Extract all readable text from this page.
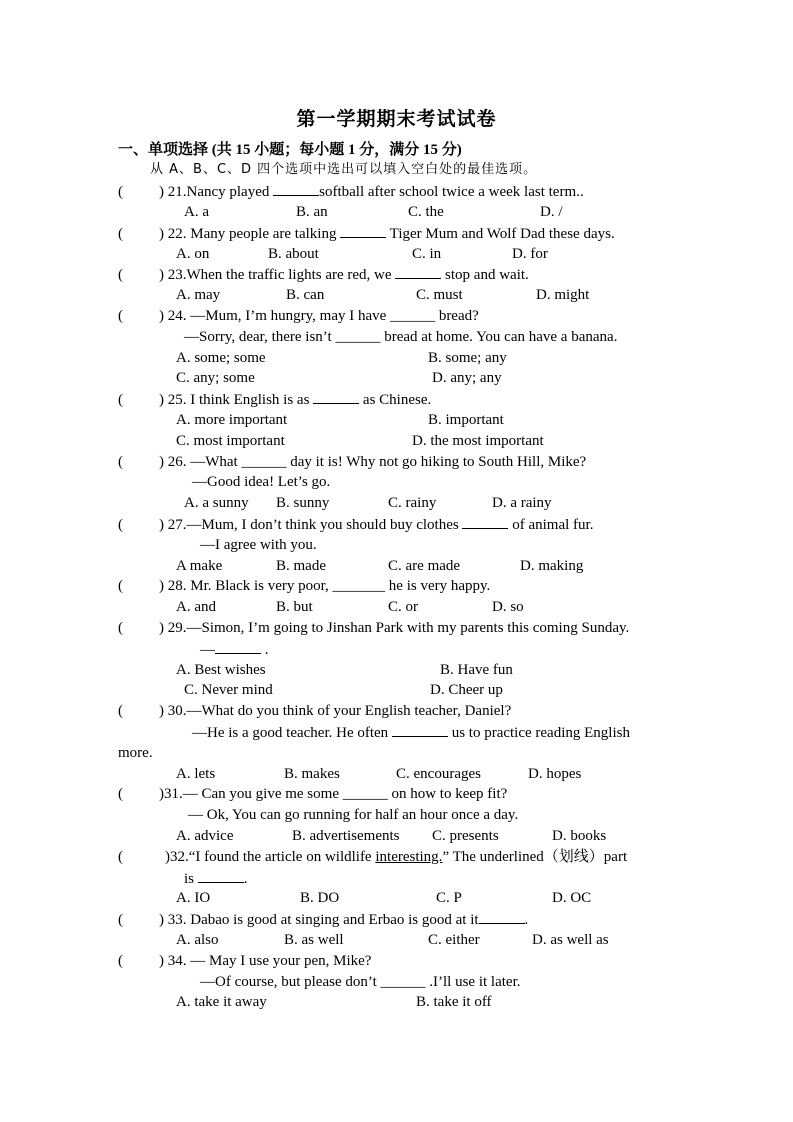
第一学期期末考试试卷
一、单项选择 (共 15 小题；每小题 1 分，满分 15 分)
从 A、B、C、D 四个选项中选出可以填入空白处的最佳选项。
( ) 21.Nancy played	softball after school twice a week last term..
A. a	B. an	C. the	D. /
( ) 22. Many people are talking	Tiger Mum and Wolf Dad these days.
A. on	B. about	C. in	D. for
( ) 23.When the traffic lights are red, we	stop and wait.
A. may	B. can	C. must	D. might
( ) 24. —Mum, I’m hungry, may I have ______ bread?
—Sorry, dear, there isn’t ______ bread at home. You can have a banana.
A. some; some	B. some; any
C. any; some	D. any; any
( ) 25. I think English is as	as Chinese.
A. more important	B. important
C. most important	D. the most important
( ) 26. —What ______ day it is! Why not go hiking to South Hill, Mike?
—Good idea! Let’s go.
A. a sunny B. sunny	C. rainy	D. a rainy
( ) 27.—Mum, I don’t think you should buy clothes	of animal fur.
—I agree with you.
A make	B. made	C. are made	D. making
( ) 28. Mr. Black is very poor, _______ he is very happy.
A. and	B. but	C. or	D. so
( ) 29.—Simon, I’m going to Jinshan Park with my parents this coming Sunday.
—	.
A. Best wishes	B. Have fun
C. Never mind	D. Cheer up
( ) 30.—What do you think of your English teacher, Daniel?
—He is a good teacher. He often	us to practice reading English
more.
A. lets	B. makes	C. encourages	D. hopes
( )31.— Can you give me some ______ on how to keep fit?
— Ok, You can go running for half an hour once a day.
A. advice	B. advertisements C. presents	D. books
(	)32.“I found the article on wildlife interesting.” The underlined（划线）part
is	.
A. IO	B. DO	C. P	D. OC
( ) 33. Dabao is good at singing and Erbao is good at it	.
A. also	B. as well	C. either	D. as well as
( ) 34. — May I use your pen, Mike?
—Of course, but please don’t ______ .I’ll use it later.
A. take it away	B. take it off
